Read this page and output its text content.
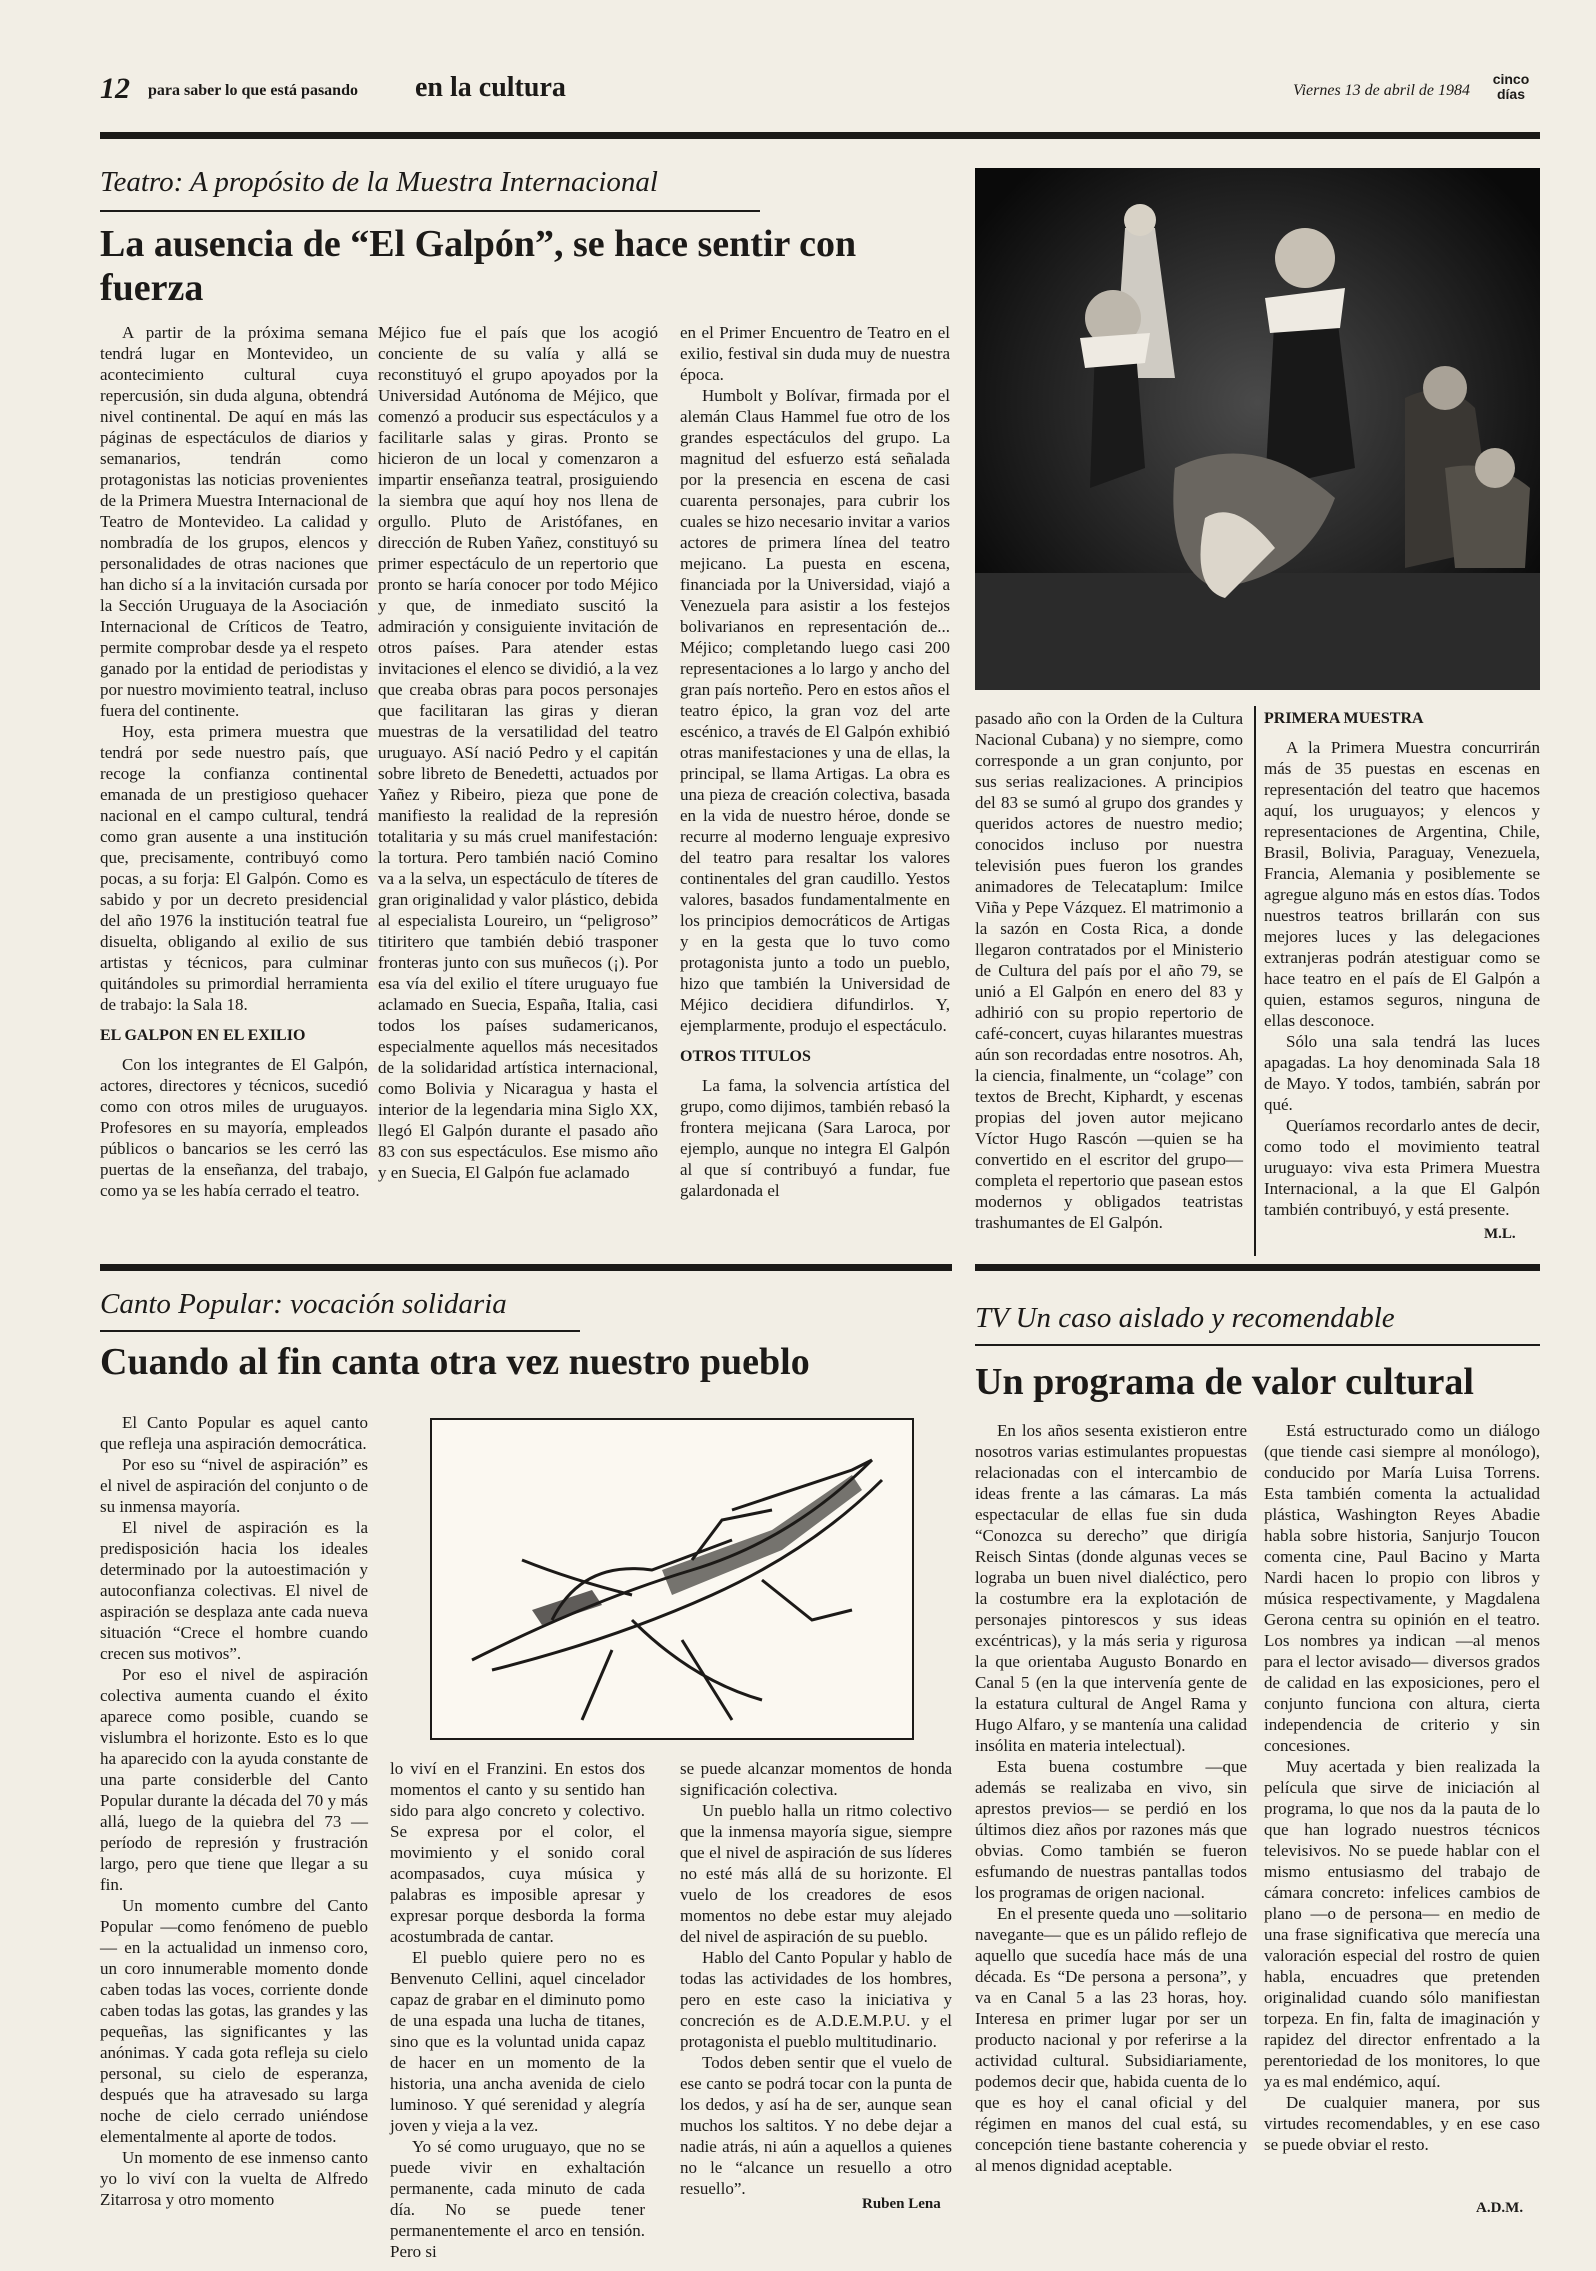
12 para saber lo que está pasando en la cultura	Viernes 13 de abril de 1984
cinco días
Teatro: A propósito de la Muestra Internacional
La ausencia de “El Galpón”, se hace sentir con fuerza

A partir de la próxima semana tendrá lugar en Montevideo, un acontecimiento cultural cuya repercusión, sin duda alguna, obtendrá nivel continental. De aquí en más las páginas de espectáculos de diarios y semanarios, tendrán como protagonistas las noticias provenientes de la Primera Muestra Internacional de Teatro de Montevideo. La calidad y nombradía de los grupos, elencos y personalidades de otras naciones que han dicho sí a la invitación cursada por la Sección Uruguaya de la Asociación Internacional de Críticos de Teatro, permite comprobar desde ya el respeto ganado por la entidad de periodistas y por nuestro movimiento teatral, incluso fuera del continente.

Hoy, esta primera muestra que tendrá por sede nuestro país, que recoge la confianza continental emanada de un prestigioso quehacer nacional en el campo cultural, tendrá como gran ausente a una institución que, precisamente, contribuyó como pocas, a su forja: El Galpón. Como es sabido y por un decreto presidencial del año 1976 la institución teatral fue disuelta, obligando al exilio de sus artistas y técnicos, para culminar quitándoles su primordial herramienta de trabajo: la Sala 18.

EL GALPON EN EL EXILIO

Con los integrantes de El Galpón, actores, directores y técnicos, sucedió como con otros miles de uruguayos. Profesores en su mayoría, empleados públicos o bancarios se les cerró las puertas de la enseñanza, del trabajo, como ya se les había cerrado el teatro.

Méjico fue el país que los acogió conciente de su valía y allá se reconstituyó el grupo apoyados por la Universidad Autónoma de Méjico, que comenzó a producir sus espectáculos y a facilitarle salas y giras. Pronto se hicieron de un local y comenzaron a impartir enseñanza teatral, prosiguiendo la siembra que aquí hoy nos llena de orgullo. Pluto de Aristófanes, en dirección de Ruben Yañez, constituyó su primer espectáculo de un repertorio que pronto se haría conocer por todo Méjico y que, de inmediato suscitó la admiración y consiguiente invitación de otros países. Para atender estas invitaciones el elenco se dividió, a la vez que creaba obras para pocos personajes que facilitaran las giras y dieran muestras de la versatilidad del teatro uruguayo. ASí nació Pedro y el capitán sobre libreto de Benedetti, actuados por Yañez y Ribeiro, pieza que pone de manifiesto la realidad de la represión totalitaria y su más cruel manifestación: la tortura. Pero también nació Comino va a la selva, un espectáculo de títeres de gran originalidad y valor plástico, debida al especialista Loureiro, un “peligroso” titiritero que también debió trasponer fronteras junto con sus muñecos (¡). Por esa vía del exilio el títere uruguayo fue aclamado en Suecia, España, Italia, casi todos los países sudamericanos, especialmente aquellos más necesitados de la solidaridad artística internacional, como Bolivia y Nicaragua y hasta el interior de la legendaria mina Siglo XX, llegó El Galpón durante el pasado año 83 con sus espectáculos. Ese mismo año y en Suecia, El Galpón fue aclamado

en el Primer Encuentro de Teatro en el exilio, festival sin duda muy de nuestra época.

Humbolt y Bolívar, firmada por el alemán Claus Hammel fue otro de los grandes espectáculos del grupo. La magnitud del esfuerzo está señalada por la presencia en escena de casi cuarenta personajes, para cubrir los cuales se hizo necesario invitar a varios actores de primera línea del teatro mejicano. La puesta en escena, financiada por la Universidad, viajó a Venezuela para asistir a los festejos bolivarianos en representación de... Méjico; completando luego casi 200 representaciones a lo largo y ancho del gran país norteño. Pero en estos años el teatro épico, la gran voz del arte escénico, a través de El Galpón exhibió otras manifestaciones y una de ellas, la principal, se llama Artigas. La obra es una pieza de creación colectiva, basada en la vida de nuestro héroe, donde se recurre al moderno lenguaje expresivo del teatro para resaltar los valores continentales del gran caudillo. Yestos valores, basados fundamentalmente en los principios democráticos de Artigas y en la gesta que lo tuvo como protagonista junto a todo un pueblo, hizo que también la Universidad de Méjico decidiera difundirlos. Y, ejemplarmente, produjo el espectáculo.

OTROS TITULOS

La fama, la solvencia artística del grupo, como dijimos, también rebasó la frontera mejicana (Sara Laroca, por ejemplo, aunque no integra El Galpón al que sí contribuyó a fundar, fue galardonada el

pasado año con la Orden de la Cultura Nacional Cubana) y no siempre, como corresponde a un gran conjunto, por sus serias realizaciones. A principios del 83 se sumó al grupo dos grandes y queridos actores de nuestro medio; conocidos incluso por nuestra televisión pues fueron los grandes animadores de Telecataplum: Imilce Viña y Pepe Vázquez. El matrimonio a la sazón en Costa Rica, a donde llegaron contratados por el Ministerio de Cultura del país por el año 79, se unió a El Galpón en enero del 83 y adhirió con su propio repertorio de café-concert, cuyas hilarantes muestras aún son recordadas entre nosotros. Ah, la ciencia, finalmente, un “colage” con textos de Brecht, Kiphardt, y escenas propias del joven autor mejicano Víctor Hugo Rascón —quien se ha convertido en el escritor del grupo— completa el repertorio que pasean estos modernos y obligados teatristas trashumantes de El Galpón.

PRIMERA MUESTRA

A la Primera Muestra concurrirán más de 35 puestas en escenas en representación del teatro que hacemos aquí, los uruguayos; y elencos y representaciones de Argentina, Chile, Brasil, Bolivia, Paraguay, Venezuela, Francia, Alemania y posiblemente se agregue alguno más en estos días. Todos nuestros teatros brillarán con sus mejores luces y las delegaciones extranjeras podrán atestiguar como se hace teatro en el país de El Galpón a quien, estamos seguros, ninguna de ellas desconoce.

Sólo una sala tendrá las luces apagadas. La hoy denominada Sala 18 de Mayo. Y todos, también, sabrán por qué.

Queríamos recordarlo antes de decir, como todo el movimiento teatral uruguayo: viva esta Primera Muestra Internacional, a la que El Galpón también contribuyó, y está presente.

M.L.
Canto Popular: vocación solidaria
Cuando al fin canta otra vez nuestro pueblo

El Canto Popular es aquel canto que refleja una aspiración democrática.

Por eso su “nivel de aspiración” es el nivel de aspiración del conjunto o de su inmensa mayoría.

El nivel de aspiración es la predisposición hacia los ideales determinado por la autoestimación y autoconfianza colectivas. El nivel de aspiración se desplaza ante cada nueva situación “Crece el hombre cuando crecen sus motivos”.

Por eso el nivel de aspiración colectiva aumenta cuando el éxito aparece como posible, cuando se vislumbra el horizonte. Esto es lo que ha aparecido con la ayuda constante de una parte considerble del Canto Popular durante la década del 70 y más allá, luego de la quiebra del 73 —período de represión y frustración largo, pero que tiene que llegar a su fin.

Un momento cumbre del Canto Popular —como fenómeno de pueblo— en la actualidad un inmenso coro, un coro innumerable momento donde caben todas las voces, corriente donde caben todas las gotas, las grandes y las pequeñas, las significantes y las anónimas. Y cada gota refleja su cielo personal, su cielo de esperanza, después que ha atravesado su larga noche de cielo cerrado uniéndose elementalmente al aporte de todos.

Un momento de ese inmenso canto yo lo viví con la vuelta de Alfredo Zitarrosa y otro momento

lo viví en el Franzini. En estos dos momentos el canto y su sentido han sido para algo concreto y colectivo. Se expresa por el color, el movimiento y el sonido coral acompasados, cuya música y palabras es imposible apresar y expresar porque desborda la forma acostumbrada de cantar.

El pueblo quiere pero no es Benvenuto Cellini, aquel cincelador capaz de grabar en el diminuto pomo de una espada una lucha de titanes, sino que es la voluntad unida capaz de hacer en un momento de la historia, una ancha avenida de cielo luminoso. Y qué serenidad y alegría joven y vieja a la vez.

Yo sé como uruguayo, que no se puede vivir en exhaltación permanente, cada minuto de cada día. No se puede tener permanentemente el arco en tensión. Pero si

se puede alcanzar momentos de honda significación colectiva.

Un pueblo halla un ritmo colectivo que la inmensa mayoría sigue, siempre que el nivel de aspiración de sus líderes no esté más allá de su horizonte. El vuelo de los creadores de esos momentos no debe estar muy alejado del nivel de aspiración de su pueblo.

Hablo del Canto Popular y hablo de todas las actividades de los hombres, pero en este caso la iniciativa y concreción es de A.D.E.M.P.U. y el protagonista el pueblo multitudinario.

Todos deben sentir que el vuelo de ese canto se podrá tocar con la punta de los dedos, y así ha de ser, aunque sean muchos los saltitos. Y no debe dejar a nadie atrás, ni aún a aquellos a quienes no le “alcance un resuello a otro resuello”.

Ruben Lena
TV Un caso aislado y recomendable
Un programa de valor cultural

En los años sesenta existieron entre nosotros varias estimulantes propuestas relacionadas con el intercambio de ideas frente a las cámaras. La más espectacular de ellas fue sin duda “Conozca su derecho” que dirigía Reisch Sintas (donde algunas veces se lograba un buen nivel dialéctico, pero la costumbre era la explotación de personajes pintorescos y sus ideas excéntricas), y la más seria y rigurosa la que orientaba Augusto Bonardo en Canal 5 (en la que intervenía gente de la estatura cultural de Angel Rama y Hugo Alfaro, y se mantenía una calidad insólita en materia intelectual).

Esta buena costumbre —que además se realizaba en vivo, sin aprestos previos— se perdió en los últimos diez años por razones más que obvias. Como también se fueron esfumando de nuestras pantallas todos los programas de origen nacional.

En el presente queda uno —solitario navegante— que es un pálido reflejo de aquello que sucedía hace más de una década. Es “De persona a persona”, y va en Canal 5 a las 23 horas, hoy. Interesa en primer lugar por ser un producto nacional y por referirse a la actividad cultural. Subsidiariamente, podemos decir que, habida cuenta de lo que es hoy el canal oficial y del régimen en manos del cual está, su concepción tiene bastante coherencia y al menos dignidad aceptable.

Está estructurado como un diálogo (que tiende casi siempre al monólogo), conducido por María Luisa Torrens. Esta también comenta la actualidad plástica, Washington Reyes Abadie habla sobre historia, Sanjurjo Toucon comenta cine, Paul Bacino y Marta Nardi hacen lo propio con libros y música respectivamente, y Magdalena Gerona centra su opinión en el teatro. Los nombres ya indican —al menos para el lector avisado— diversos grados de calidad en las exposiciones, pero el conjunto funciona con altura, cierta independencia de criterio y sin concesiones.

Muy acertada y bien realizada la película que sirve de iniciación al programa, lo que nos da la pauta de lo que han logrado nuestros técnicos televisivos. No se puede hablar con el mismo entusiasmo del trabajo de cámara concreto: infelices cambios de plano —o de persona— en medio de una frase significativa que merecía una valoración especial del rostro de quien habla, encuadres que pretenden originalidad cuando sólo manifiestan torpeza. En fin, falta de imaginación y rapidez del director enfrentado a la perentoriedad de los monitores, lo que ya es mal endémico, aquí.

De cualquier manera, por sus virtudes recomendables, y en ese caso se puede obviar el resto.

A.D.M.
